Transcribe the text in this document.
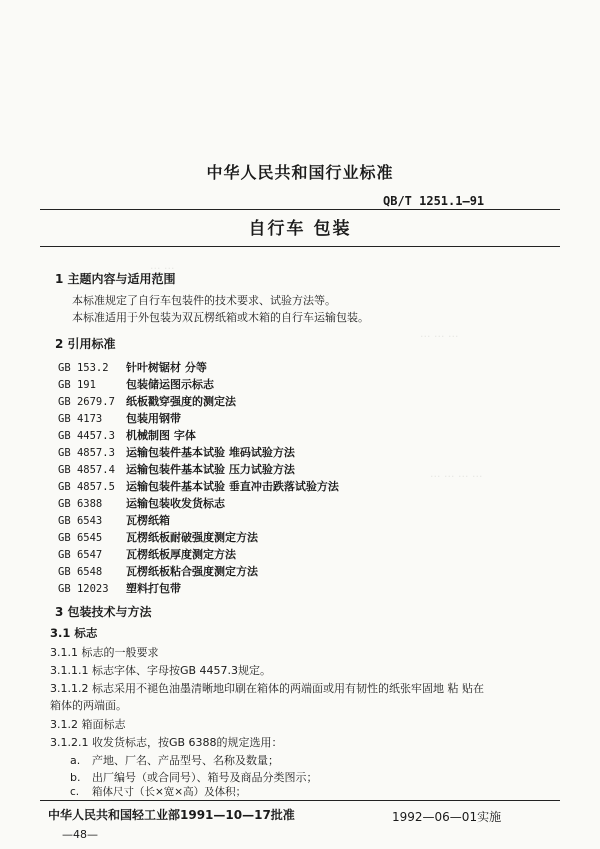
··· ···
··· ··· ···
··· ··· ··· ···
中华人民共和国行业标准
QB/T 1251.1—91
自行车 包装
1 主题内容与适用范围
本标准规定了自行车包装件的技术要求、试验方法等。
本标准适用于外包装为双瓦楞纸箱或木箱的自行车运输包装。
2 引用标准
GB 153.2 针叶树锯材 分等
GB 191	包装储运图示标志
GB 2679.7 纸板戳穿强度的测定法
GB 4173 包装用钢带
GB 4457.3 机械制图 字体
GB 4857.3 运输包装件基本试验 堆码试验方法
GB 4857.4 运输包装件基本试验 压力试验方法
GB 4857.5 运输包装件基本试验 垂直冲击跌落试验方法
GB 6388 运输包装收发货标志
GB 6543 瓦楞纸箱
GB 6545 瓦楞纸板耐破强度测定方法
GB 6547 瓦楞纸板厚度测定方法
GB 6548 瓦楞纸板粘合强度测定方法
GB 12023 塑料打包带
3 包装技术与方法
3.1 标志
3.1.1 标志的一般要求
3.1.1.1 标志字体、字母按GB 4457.3规定。
3.1.1.2 标志采用不褪色油墨清晰地印刷在箱体的两端面或用有韧性的纸张牢固地 粘 贴在
箱体的两端面。
3.1.2 箱面标志
3.1.2.1 收发货标志，按GB 6388的规定选用：
a. 产地、厂名、产品型号、名称及数量；
b. 出厂编号（或合同号）、箱号及商品分类图示；
c. 箱体尺寸（长×宽×高）及体积；
中华人民共和国轻工业部1991—10—17批准	1992—06—01实施
—48—
